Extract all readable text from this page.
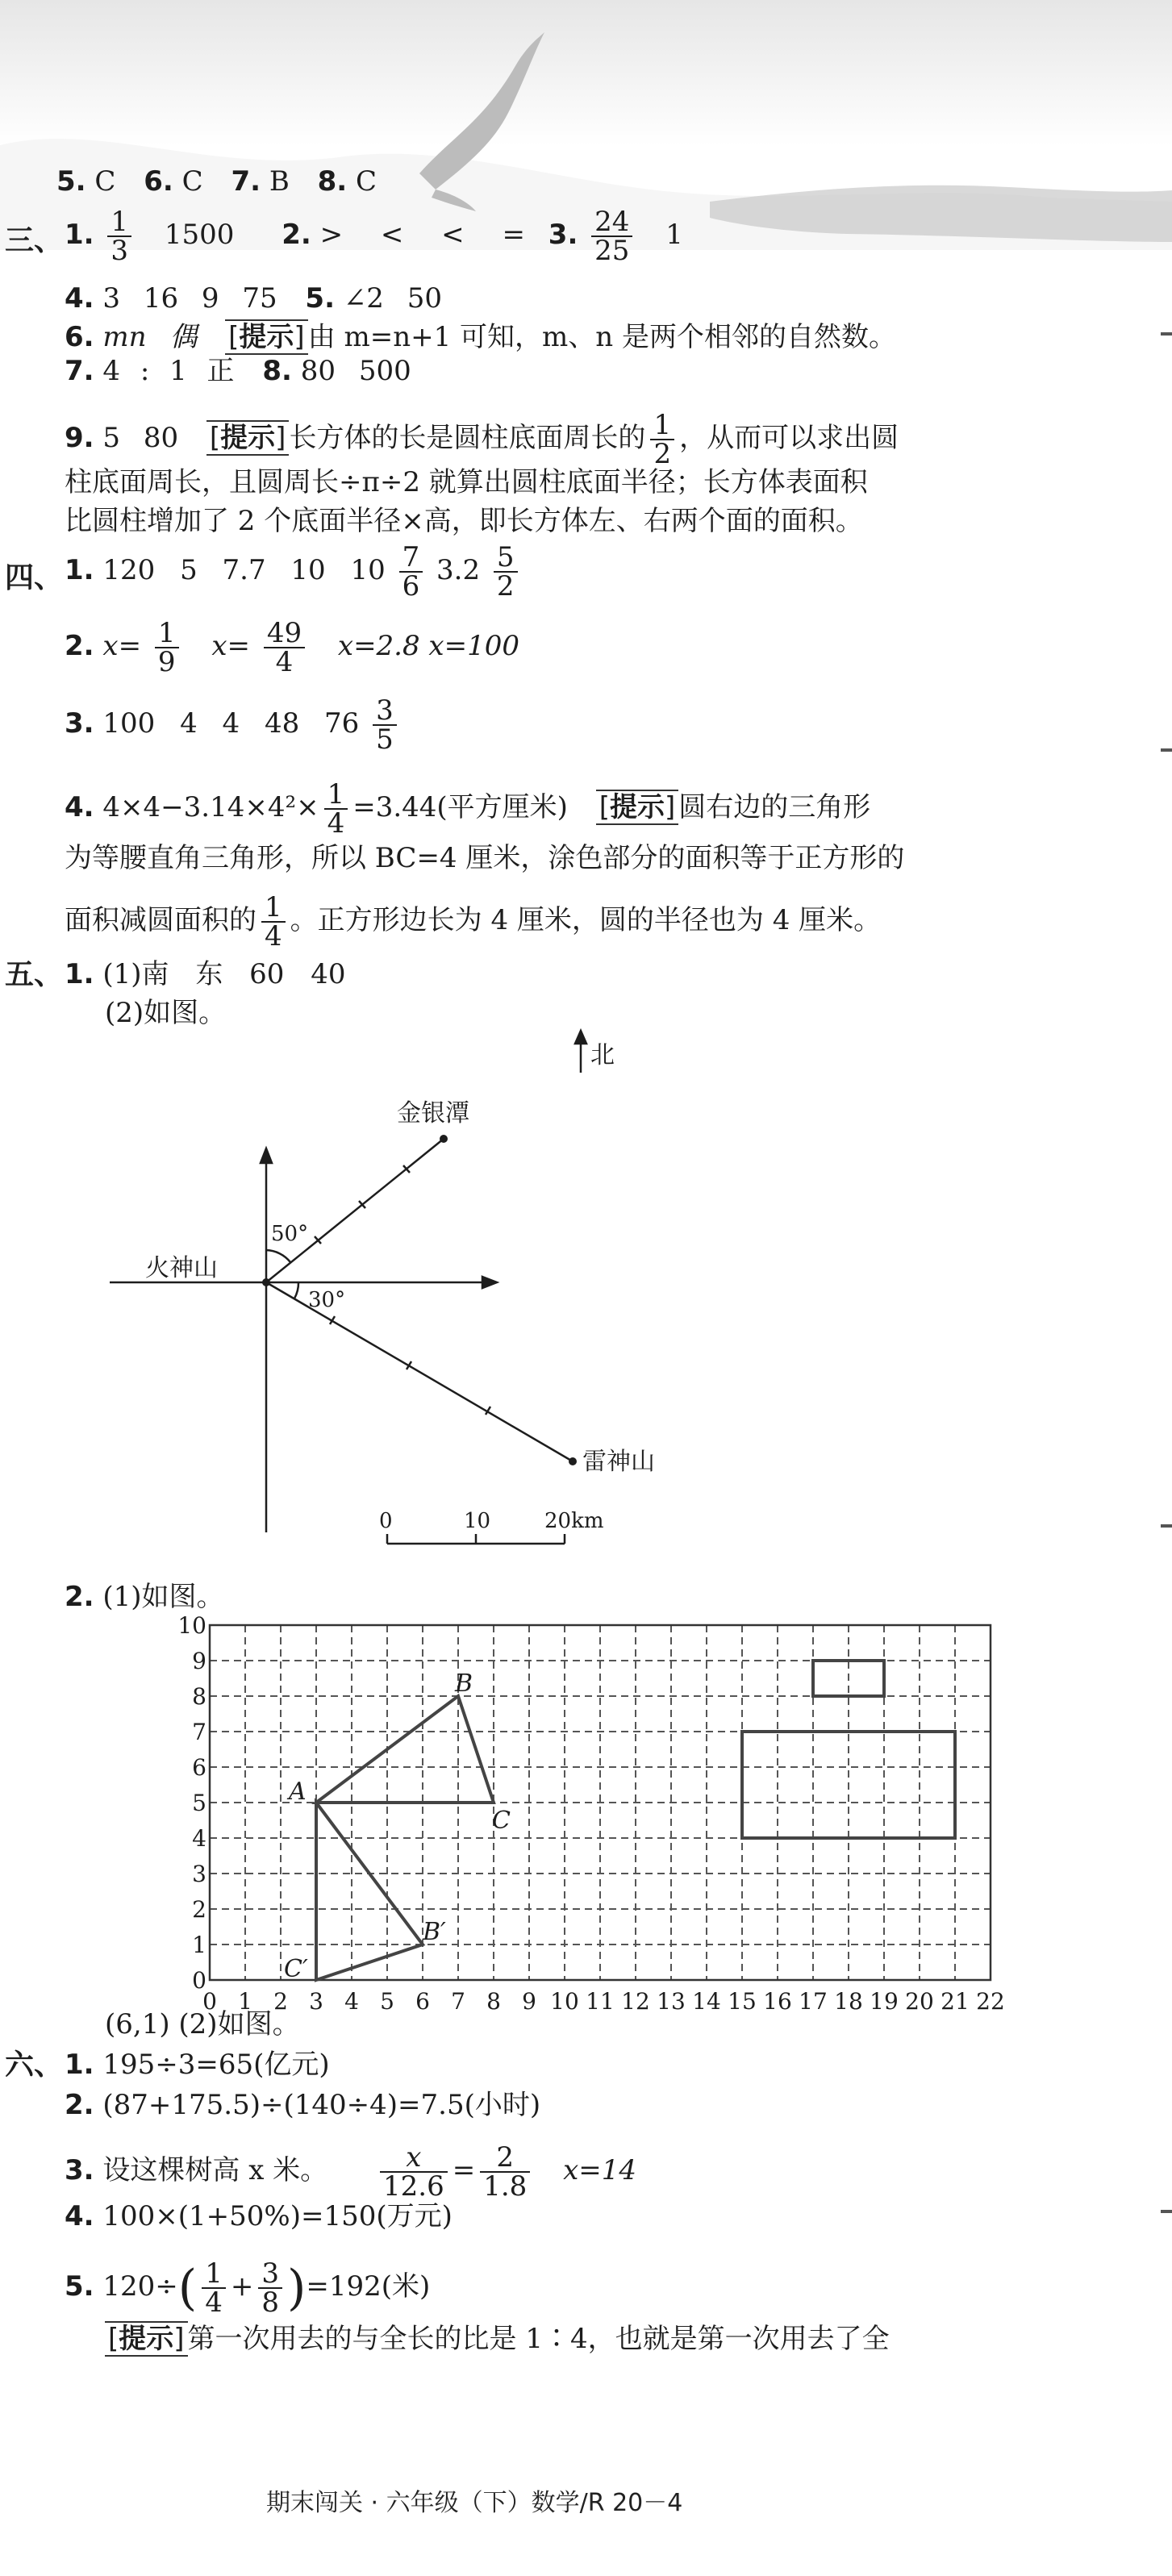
5. C 6. C 7. B 8. C
三、 1. $\frac{1}{3} 1500$ 2. > < < = 3. $\frac{24}{25} 1$
4. 3 16 9 75 5. ∠2 50
6. mn 偶 [ 提示 ] 由 m=n+1 可知，m、n 是两个相邻的自然数。
7. 4 : 1 正 8. 80 500
9. 5 80 [ 提示 ] 长方体的长是圆柱底面周长的 $\frac{1}{2}$ ，从而可以求出圆
柱底面周长，且圆周长÷π÷2 就算出圆柱底面半径；长方体表面积
比圆柱增加了 2 个底面半径×高，即长方体左、右两个面的面积。
四、 1. 120 5 7.7 10 $10 \frac{7}{6} 3.2 \frac{5}{2}$
2. $x= \frac{1}{9} x= \frac{49}{4} x=2.8$ x=100
3. 100 4 4 48 $76 \frac{3}{5}$
4. $4\times 4-3.14\times 4^2\times \frac{1}{4} =3.44$(平方厘米) [ 提示 ] 圆右边的三角形
为等腰直角三角形，所以 BC=4 厘米，涂色部分的面积等于正方形的
面积减圆面积的 $\frac{1}{4}$ 。正方形边长为 4 厘米，圆的半径也为 4 厘米。
五、 1. (1)南 东 60 40
(2)如图。
北
金银潭
火神山
雷神山
50°
30°
0	10	20km
2. (1)如图。
10
9
8
7
6
5
4
3
2
1
0
0 1 2 3 4 5 6 7 8 9 10 11 12 13 14 15 16 17 18 19 20 21 22
A
B
C
B′
C′
(6,1) (2)如图。
六、 1. 195÷3=65(亿元)
2. (87+175.5)÷(140÷4)=7.5(小时)
3. 设这棵树高 x 米。 $\frac{x}{12.6} = \frac{2}{1.8} x=14$
4. 100×(1+50%)=150(万元)
5. $120\div( \frac{1}{4} + \frac{3}{8} )=192$(米)
[ 提示 ] 第一次用去的与全长的比是 1∶4，也就是第一次用去了全
期末闯关 · 六年级（下）数学/R 20－4
